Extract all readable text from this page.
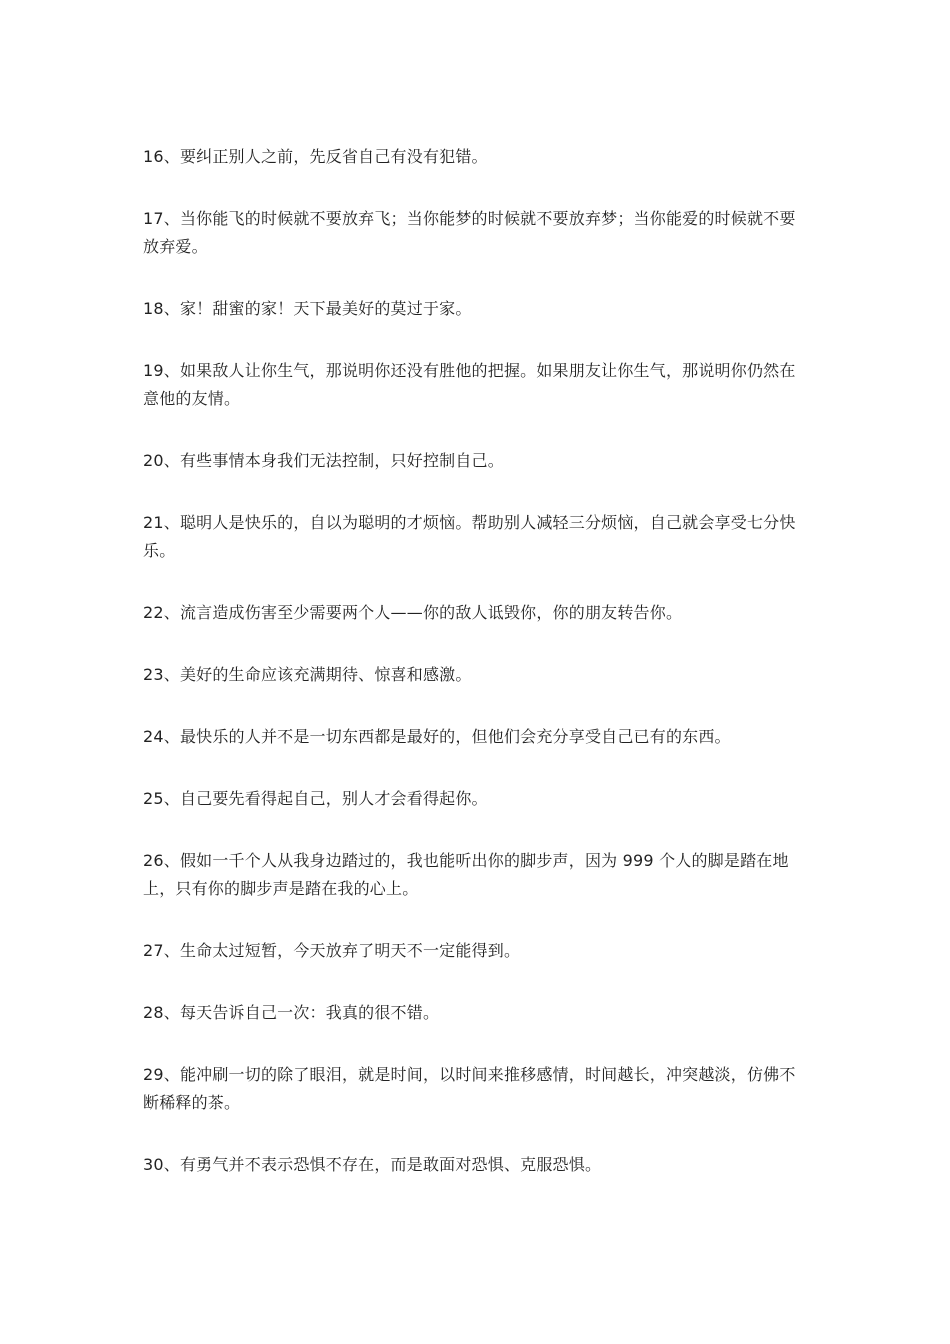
16、要纠正别人之前，先反省自己有没有犯错。

17、当你能飞的时候就不要放弃飞；当你能梦的时候就不要放弃梦；当你能爱的时候就不要放弃爱。

18、家！甜蜜的家！天下最美好的莫过于家。

19、如果敌人让你生气，那说明你还没有胜他的把握。如果朋友让你生气，那说明你仍然在意他的友情。

20、有些事情本身我们无法控制，只好控制自己。

21、聪明人是快乐的，自以为聪明的才烦恼。帮助别人减轻三分烦恼，自己就会享受七分快乐。

22、流言造成伤害至少需要两个人——你的敌人诋毁你，你的朋友转告你。

23、美好的生命应该充满期待、惊喜和感激。

24、最快乐的人并不是一切东西都是最好的，但他们会充分享受自己已有的东西。

25、自己要先看得起自己，别人才会看得起你。

26、假如一千个人从我身边踏过的，我也能听出你的脚步声，因为 999 个人的脚是踏在地上，只有你的脚步声是踏在我的心上。

27、生命太过短暂，今天放弃了明天不一定能得到。

28、每天告诉自己一次：我真的很不错。

29、能冲刷一切的除了眼泪，就是时间，以时间来推移感情，时间越长，冲突越淡，仿佛不断稀释的茶。

30、有勇气并不表示恐惧不存在，而是敢面对恐惧、克服恐惧。
